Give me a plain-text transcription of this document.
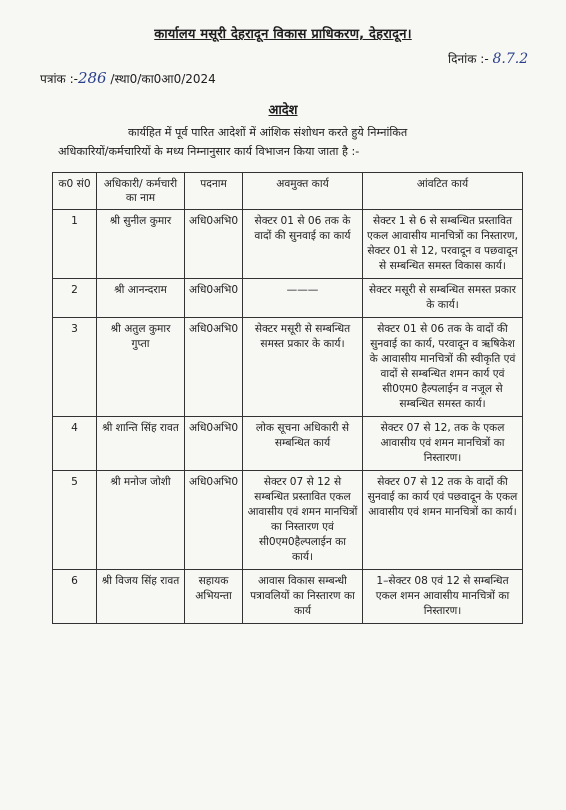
कार्यालय मसूरी देहरादून विकास प्राधिकरण, देहरादून।
दिनांक :- 8.7.2
पत्रांक :-286 /स्था0/का0आ0/2024
आदेश
कार्यहित में पूर्व पारित आदेशों में आंशिक संशोधन करते हुये निम्नांकित
अधिकारियों/कर्मचारियों के मध्य निम्नानुसार कार्य विभाजन किया जाता है :-
क0 सं0	अधिकारी/ कर्मचारी का नाम	पदनाम	अवमुक्त कार्य	आंवटित कार्य
1	श्री सुनील कुमार	अधि0अभि0	सेक्टर 01 से 06 तक के वादों की सुनवाई का कार्य	सेक्टर 1 से 6 से सम्बन्धित प्रस्तावित एकल आवासीय मानचित्रों का निस्तारण, सेक्टर 01 से 12, परवादून व पछवादून से सम्बन्धित समस्त विकास कार्य।
2	श्री आनन्दराम	अधि0अभि0	———	सेक्टर मसूरी से सम्बन्धित समस्त प्रकार के कार्य।
3	श्री अतुल कुमार गुप्ता	अधि0अभि0	सेक्टर मसूरी से सम्बन्धित समस्त प्रकार के कार्य।	सेक्टर 01 से 06 तक के वादों की सुनवाई का कार्य, परवादून व ऋषिकेश के आवासीय मानचित्रों की स्वीकृति एवं वादों से सम्बन्धित शमन कार्य एवं सी0एम0 हैल्पलाईन व नजूल से सम्बन्धित समस्त कार्य।
4	श्री शान्ति सिंह रावत	अधि0अभि0	लोक सूचना अधिकारी से सम्बन्धित कार्य	सेक्टर 07 से 12, तक के एकल आवासीय एवं शमन मानचित्रों का निस्तारण।
5	श्री मनोज जोशी	अधि0अभि0	सेक्टर 07 से 12 से सम्बन्धित प्रस्तावित एकल आवासीय एवं शमन मानचित्रों का निस्तारण एवं सी0एम0हैल्पलाईन का कार्य।	सेक्टर 07 से 12 तक के वादों की सुनवाई का कार्य एवं पछवादून के एकल आवासीय एवं शमन मानचित्रों का कार्य।
6	श्री विजय सिंह रावत	सहायक अभियन्ता	आवास विकास सम्बन्धी पत्रावलियों का निस्तारण का कार्य	1–सेक्टर 08 एवं 12 से सम्बन्धित एकल शमन आवासीय मानचित्रों का निस्तारण।
